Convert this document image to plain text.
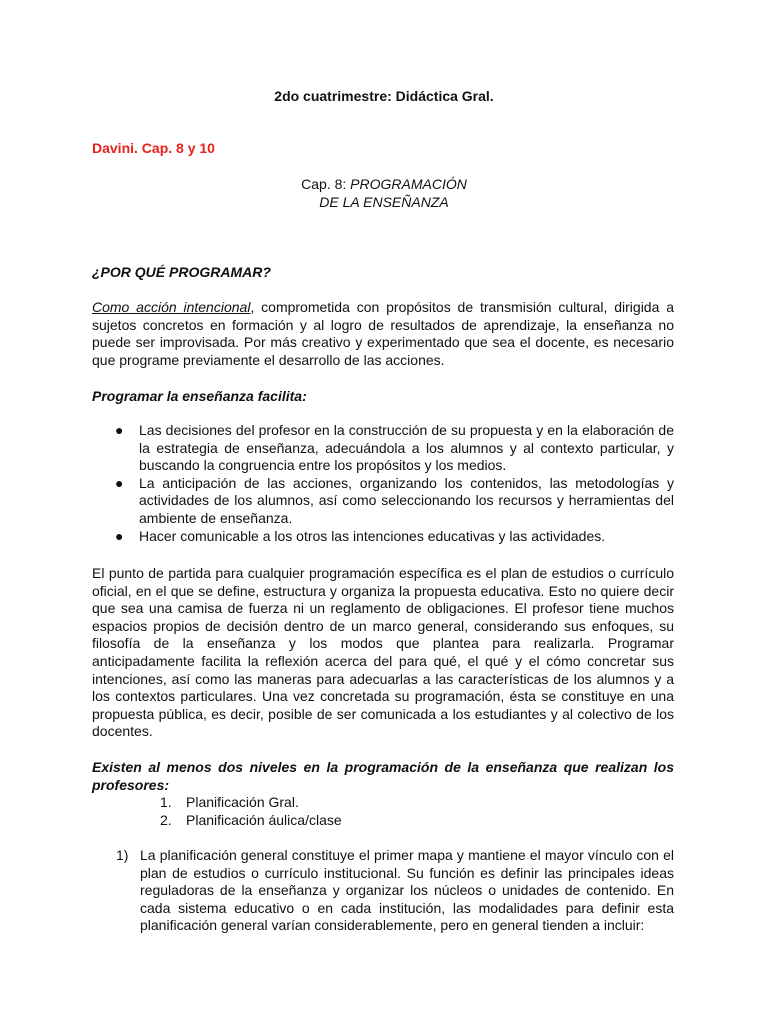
2do cuatrimestre: Didáctica Gral.

Davini. Cap. 8 y 10

Cap. 8: PROGRAMACIÓN
DE LA ENSEÑANZA

¿POR QUÉ PROGRAMAR?

Como acción intencional, comprometida con propósitos de transmisión cultural, dirigida a sujetos concretos en formación y al logro de resultados de aprendizaje, la enseñanza no puede ser improvisada. Por más creativo y experimentado que sea el docente, es necesario que programe previamente el desarrollo de las acciones.

Programar la enseñanza facilita:

● Las decisiones del profesor en la construcción de su propuesta y en la elaboración de la estrategia de enseñanza, adecuándola a los alumnos y al contexto particular, y buscando la congruencia entre los propósitos y los medios.
● La anticipación de las acciones, organizando los contenidos, las metodologías y actividades de los alumnos, así como seleccionando los recursos y herramientas del ambiente de enseñanza.
● Hacer comunicable a los otros las intenciones educativas y las actividades.

El punto de partida para cualquier programación específica es el plan de estudios o currículo oficial, en el que se define, estructura y organiza la propuesta educativa. Esto no quiere decir que sea una camisa de fuerza ni un reglamento de obligaciones. El profesor tiene muchos espacios propios de decisión dentro de un marco general, considerando sus enfoques, su filosofía de la enseñanza y los modos que plantea para realizarla. Programar anticipadamente facilita la reflexión acerca del para qué, el qué y el cómo concretar sus intenciones, así como las maneras para adecuarlas a las características de los alumnos y a los contextos particulares. Una vez concretada su programación, ésta se constituye en una propuesta pública, es decir, posible de ser comunicada a los estudiantes y al colectivo de los docentes.

Existen al menos dos niveles en la programación de la enseñanza que realizan los profesores:

1. Planificación Gral.
2. Planificación áulica/clase
1) La planificación general constituye el primer mapa y mantiene el mayor vínculo con el plan de estudios o currículo institucional. Su función es definir las principales ideas reguladoras de la enseñanza y organizar los núcleos o unidades de contenido. En cada sistema educativo o en cada institución, las modalidades para definir esta planificación general varían considerablemente, pero en general tienden a incluir:
